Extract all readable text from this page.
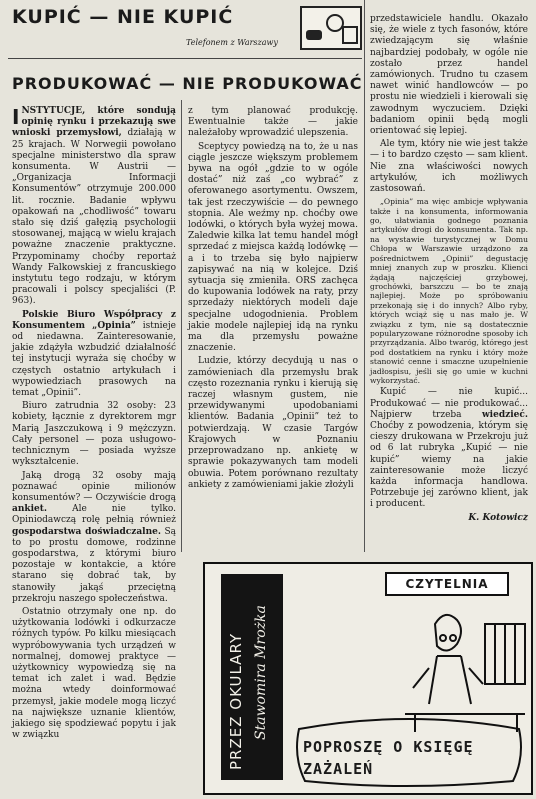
KUPIĆ — NIE KUPIĆ
Telefonem z Warszawy
PRODUKOWAĆ — NIE PRODUKOWAĆ

INSTYTUCJE, które sondują opinię rynku i przekazują swe wnioski przemysłowi, działają w 25 krajach. W Norwegii powołano specjalne ministerstwo dla spraw konsumenta. W Austrii — „Organizacja Informacji Konsumentów” otrzymuje 200.000 lit. rocznie. Badanie wpływu opakowań na „chodliwość” towaru stało się dziś gałęzią psychologii stosowanej, mającą w wielu krajach poważne znaczenie praktyczne. Przypominamy choćby reportaż Wandy Falkowskiej z francuskiego instytutu tego rodzaju, w którym pracowali i polscy specjaliści (P. 963).

Polskie Biuro Współpracy z Konsumentem „Opinia” istnieje od niedawna. Zainteresowanie, jakie zdążyła wzbudzić działalność tej instytucji wyraża się choćby w częstych ostatnio artykułach i wypowiedziach prasowych na temat „Opinii”.

Biuro zatrudnia 32 osoby: 23 kobiety, łącznie z dyrektorem mgr Marią Jaszczukową i 9 mężczyzn. Cały personel — poza usługowo-technicznym — posiada wyższe wykształcenie.

Jaką drogą 32 osoby mają poznawać opinie milionów konsumentów? — Oczywiście drogą ankiet.	Ale nie tylko. Opiniodawczą rolę pełnią również gospodarstwa doświadczalne. Są to po prostu domowe, rodzinne gospodarstwa, z którymi biuro pozostaje w kontakcie, a które starano się dobrać tak, by stanowiły jakąś przeciętną przekroju naszego społeczeństwa.

Ostatnio otrzymały one np. do użytkowania lodówki i odkurzacze różnych typów. Po kilku miesiącach wypróbowywania tych urządzeń w normalnej, domowej praktyce — użytkownicy wypowiedzą się na temat ich zalet i wad. Będzie można wtedy doinformować przemysł, jakie modele mogą liczyć na największe uznanie klientów, jakiego się spodziewać popytu i jak w związku

z tym planować produkcję. Ewentualnie także — jakie należałoby wprowadzić ulepszenia.

Sceptycy powiedzą na to, że u nas ciągle jeszcze większym problemem bywa na ogół „gdzie to w ogóle dostać” niż zaś „co wybrać” z oferowanego asortymentu. Owszem, tak jest rzeczywiście — do pewnego stopnia. Ale weźmy np. choćby owe lodówki, o których była wyżej mowa. Zaledwie kilka lat temu handel mógł sprzedać z miejsca każdą lodówkę — a i to trzeba się było najpierw zapisywać na nią w kolejce. Dziś sytuacja się zmieniła. ORS zachęca do kupowania lodówek na raty, przy sprzedaży niektórych modeli daje specjalne udogodnienia. Problem jakie modele najlepiej idą na rynku ma dla przemysłu poważne znaczenie.

Ludzie, którzy decydują u nas o zamówieniach dla przemysłu brak często rozeznania rynku i kierują się raczej własnym gustem, nie przewidywanymi upodobaniami klientów. Badania „Opinii” też to potwierdzają. W czasie Targów Krajowych w Poznaniu przeprowadzano np. ankietę w sprawie pokazywanych tam modeli obuwia. Potem porównano rezultaty ankiety z zamówieniami jakie złożyli

przedstawiciele handlu. Okazało się, że wiele z tych fasonów, które zwiedzającym się właśnie najbardziej podobały, w ogóle nie zostało przez handel zamówionych. Trudno tu czasem nawet winić handlowców — po prostu nie wiedzieli i kierowali się zawodnym wyczuciem. Dzięki badaniom opinii będą mogli orientować się lepiej.

Ale tym, który nie wie jest także — i to bardzo często — sam klient. Nie zna właściwości nowych artykułów, ich możliwych zastosowań.

„Opinia” ma więc ambicje wpływania także i na konsumenta, informowania go, ułatwiania godnego poznania artykułów drogi do konsumenta. Tak np. na wystawie turystycznej w Domu Chłopa w Warszawie urządzono za pośrednictwem „Opinii” degustację mniej znanych zup w proszku. Klienci żądają najczęściej grzybowej, grochówki, barszczu — bo te znają najlepiej. Może po spróbowaniu przekonają się i do innych? Albo ryby, których wciąż się u nas mało je. W związku z tym, nie są dostatecznie popularyzowane różnorodne sposoby ich przyrządzania. Albo twaróg, którego jest pod dostatkiem na rynku i który może stanowić cenne i smaczne uzupełnienie jadłospisu, jeśli się go umie w kuchni wykorzystać.

Kupić — nie kupić... Produkować — nie produkować... Najpierw trzeba wiedzieć. Choćby z powodzenia, którym się cieszy drukowana w Przekroju już od 6 lat rubryka „Kupić — nie kupić” wiemy na jakie zainteresowanie może liczyć każda informacja handlowa. Potrzebuje jej zarówno klient, jak i producent.

K. Kotowicz

PRZEZ OKULARY Stawomira Mrożka
CZYTELNIA
POPROSZĘ O KSIĘGĘ ZAŻALEŃ
